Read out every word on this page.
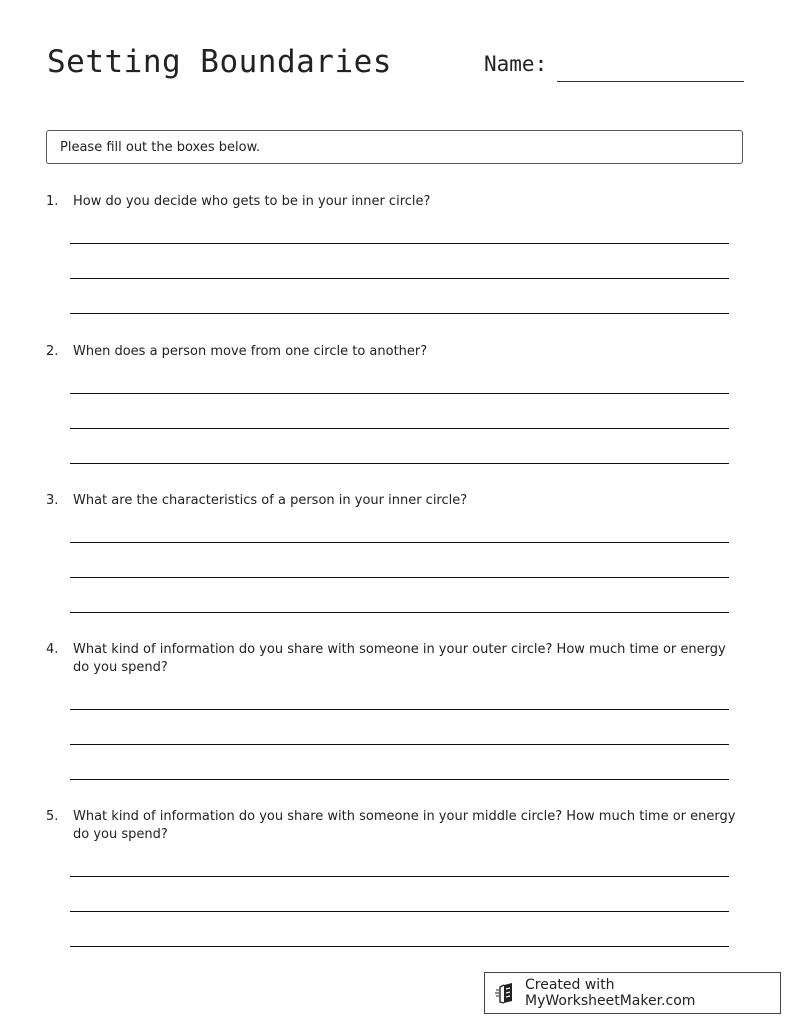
Setting Boundaries	Name:
Please fill out the boxes below.
1.	How do you decide who gets to be in your inner circle?
2.	When does a person move from one circle to another?
3.	What are the characteristics of a person in your inner circle?
4.	What kind of information do you share with someone in your outer circle? How much time or energy do you spend?
5.	What kind of information do you share with someone in your middle circle? How much time or energy do you spend?
Created with MyWorksheetMaker.com
